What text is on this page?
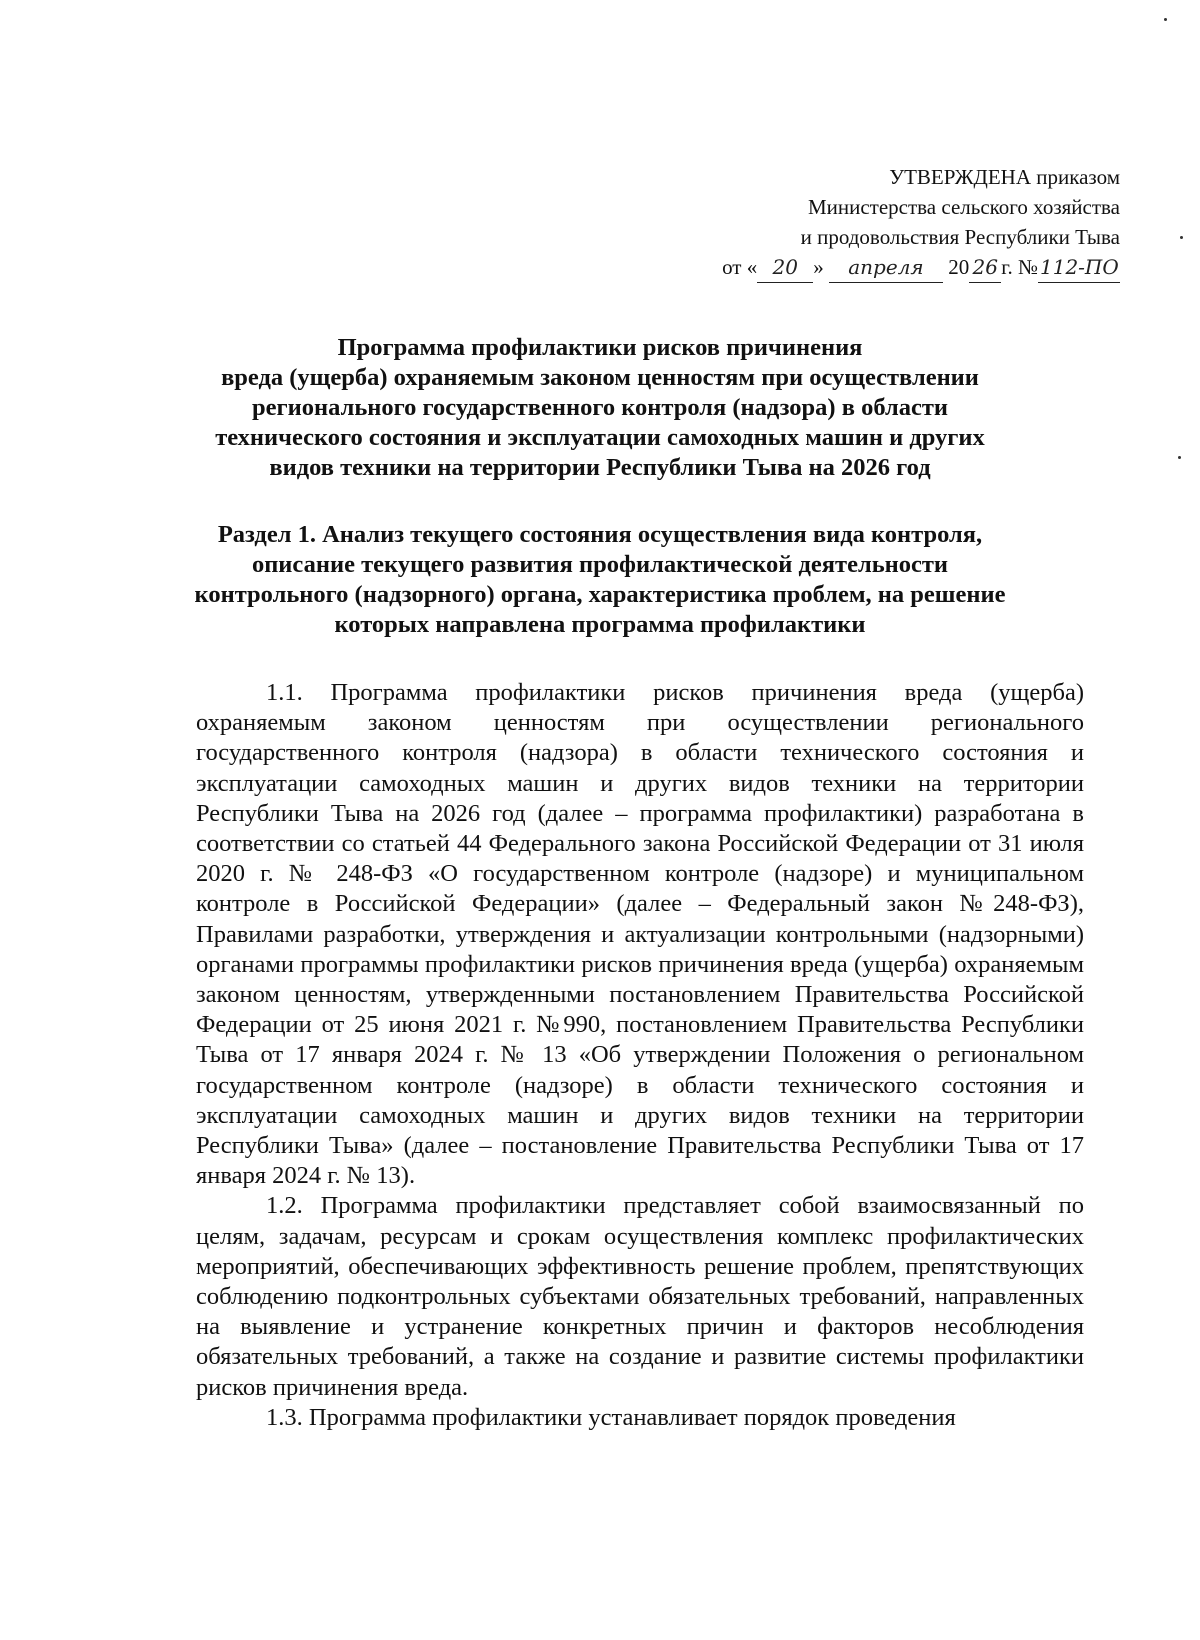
УТВЕРЖДЕНА приказом
Министерства сельского хозяйства
и продовольствия Республики Тыва
от « 20 » апреля 20 26 г. № 112-ПО
Программа профилактики рисков причинения
вреда (ущерба) охраняемым законом ценностям при осуществлении
регионального государственного контроля (надзора) в области
технического состояния и эксплуатации самоходных машин и других
видов техники на территории Республики Тыва на 2026 год
Раздел 1. Анализ текущего состояния осуществления вида контроля,
описание текущего развития профилактической деятельности
контрольного (надзорного) органа, характеристика проблем, на решение
которых направлена программа профилактики

1.1. Программа профилактики рисков причинения вреда (ущерба) охраняемым законом ценностям при осуществлении регионального государственного контроля (надзора) в области технического состояния и эксплуатации самоходных машин и других видов техники на территории Республики Тыва на 2026 год (далее – программа профилактики) разработана в соответствии со статьей 44 Федерального закона Российской Федерации от 31 июля 2020 г. № 248-ФЗ «О государственном контроле (надзоре) и муниципальном контроле в Российской Федерации» (далее – Федеральный закон №248-ФЗ), Правилами разработки, утверждения и актуализации контрольными (надзорными) органами программы профилактики рисков причинения вреда (ущерба) охраняемым законом ценностям, утвержденными постановлением Правительства Российской Федерации от 25 июня 2021 г. №990, постановлением Правительства Республики Тыва от 17 января 2024 г. № 13 «Об утверждении Положения о региональном государственном контроле (надзоре) в области технического состояния и эксплуатации самоходных машин и других видов техники на территории Республики Тыва» (далее – постановление Правительства Республики Тыва от 17 января 2024 г. № 13).

1.2. Программа профилактики представляет собой взаимосвязанный по целям, задачам, ресурсам и срокам осуществления комплекс профилактических мероприятий, обеспечивающих эффективность решение проблем, препятствующих соблюдению подконтрольных субъектами обязательных требований, направленных на выявление и устранение конкретных причин и факторов несоблюдения обязательных требований, а также на создание и развитие системы профилактики рисков причинения вреда.

1.3. Программа профилактики устанавливает порядок проведения
